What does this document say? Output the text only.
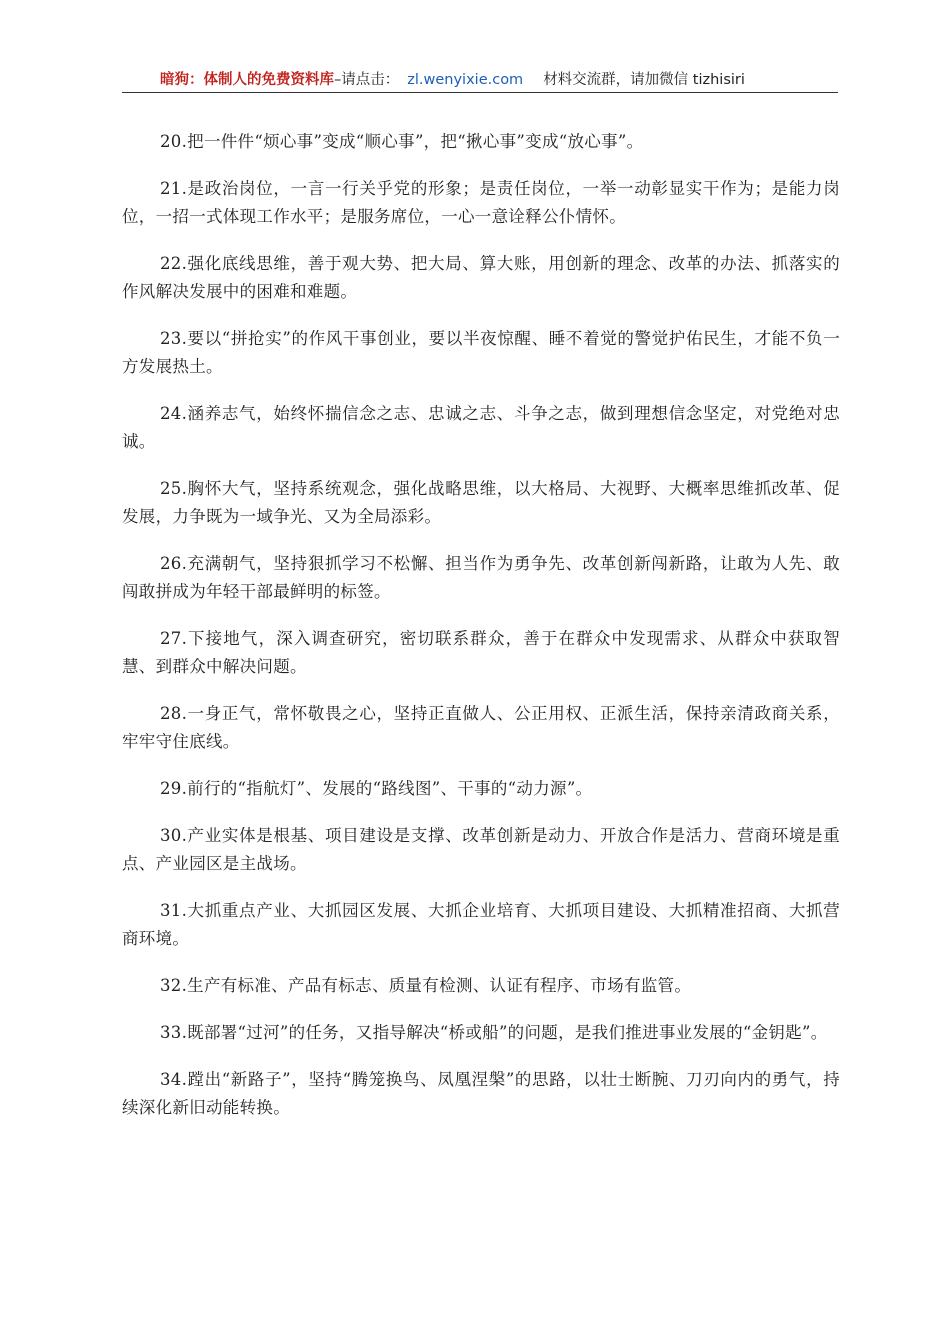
暗狗：体制人的免费资料库–请点击： zl.wenyixie.com 材料交流群，请加微信 tizhisiri

20.把一件件“烦心事”变成“顺心事”，把“揪心事”变成“放心事”。

21.是政治岗位，一言一行关乎党的形象；是责任岗位，一举一动彰显实干作为；是能力岗位，一招一式体现工作水平；是服务席位，一心一意诠释公仆情怀。

22.强化底线思维，善于观大势、把大局、算大账，用创新的理念、改革的办法、抓落实的作风解决发展中的困难和难题。

23.要以“拼抢实”的作风干事创业，要以半夜惊醒、睡不着觉的警觉护佑民生，才能不负一方发展热土。

24.涵养志气，始终怀揣信念之志、忠诚之志、斗争之志，做到理想信念坚定，对党绝对忠诚。

25.胸怀大气，坚持系统观念，强化战略思维，以大格局、大视野、大概率思维抓改革、促发展，力争既为一域争光、又为全局添彩。

26.充满朝气，坚持狠抓学习不松懈、担当作为勇争先、改革创新闯新路，让敢为人先、敢闯敢拼成为年轻干部最鲜明的标签。

27.下接地气，深入调查研究，密切联系群众，善于在群众中发现需求、从群众中获取智慧、到群众中解决问题。

28.一身正气，常怀敬畏之心，坚持正直做人、公正用权、正派生活，保持亲清政商关系，牢牢守住底线。

29.前行的“指航灯”、发展的“路线图”、干事的“动力源”。

30.产业实体是根基、项目建设是支撑、改革创新是动力、开放合作是活力、营商环境是重点、产业园区是主战场。

31.大抓重点产业、大抓园区发展、大抓企业培育、大抓项目建设、大抓精准招商、大抓营商环境。

32.生产有标准、产品有标志、质量有检测、认证有程序、市场有监管。

33.既部署“过河”的任务，又指导解决“桥或船”的问题，是我们推进事业发展的“金钥匙”。

34.蹚出“新路子”，坚持“腾笼换鸟、凤凰涅槃”的思路，以壮士断腕、刀刃向内的勇气，持续深化新旧动能转换。
